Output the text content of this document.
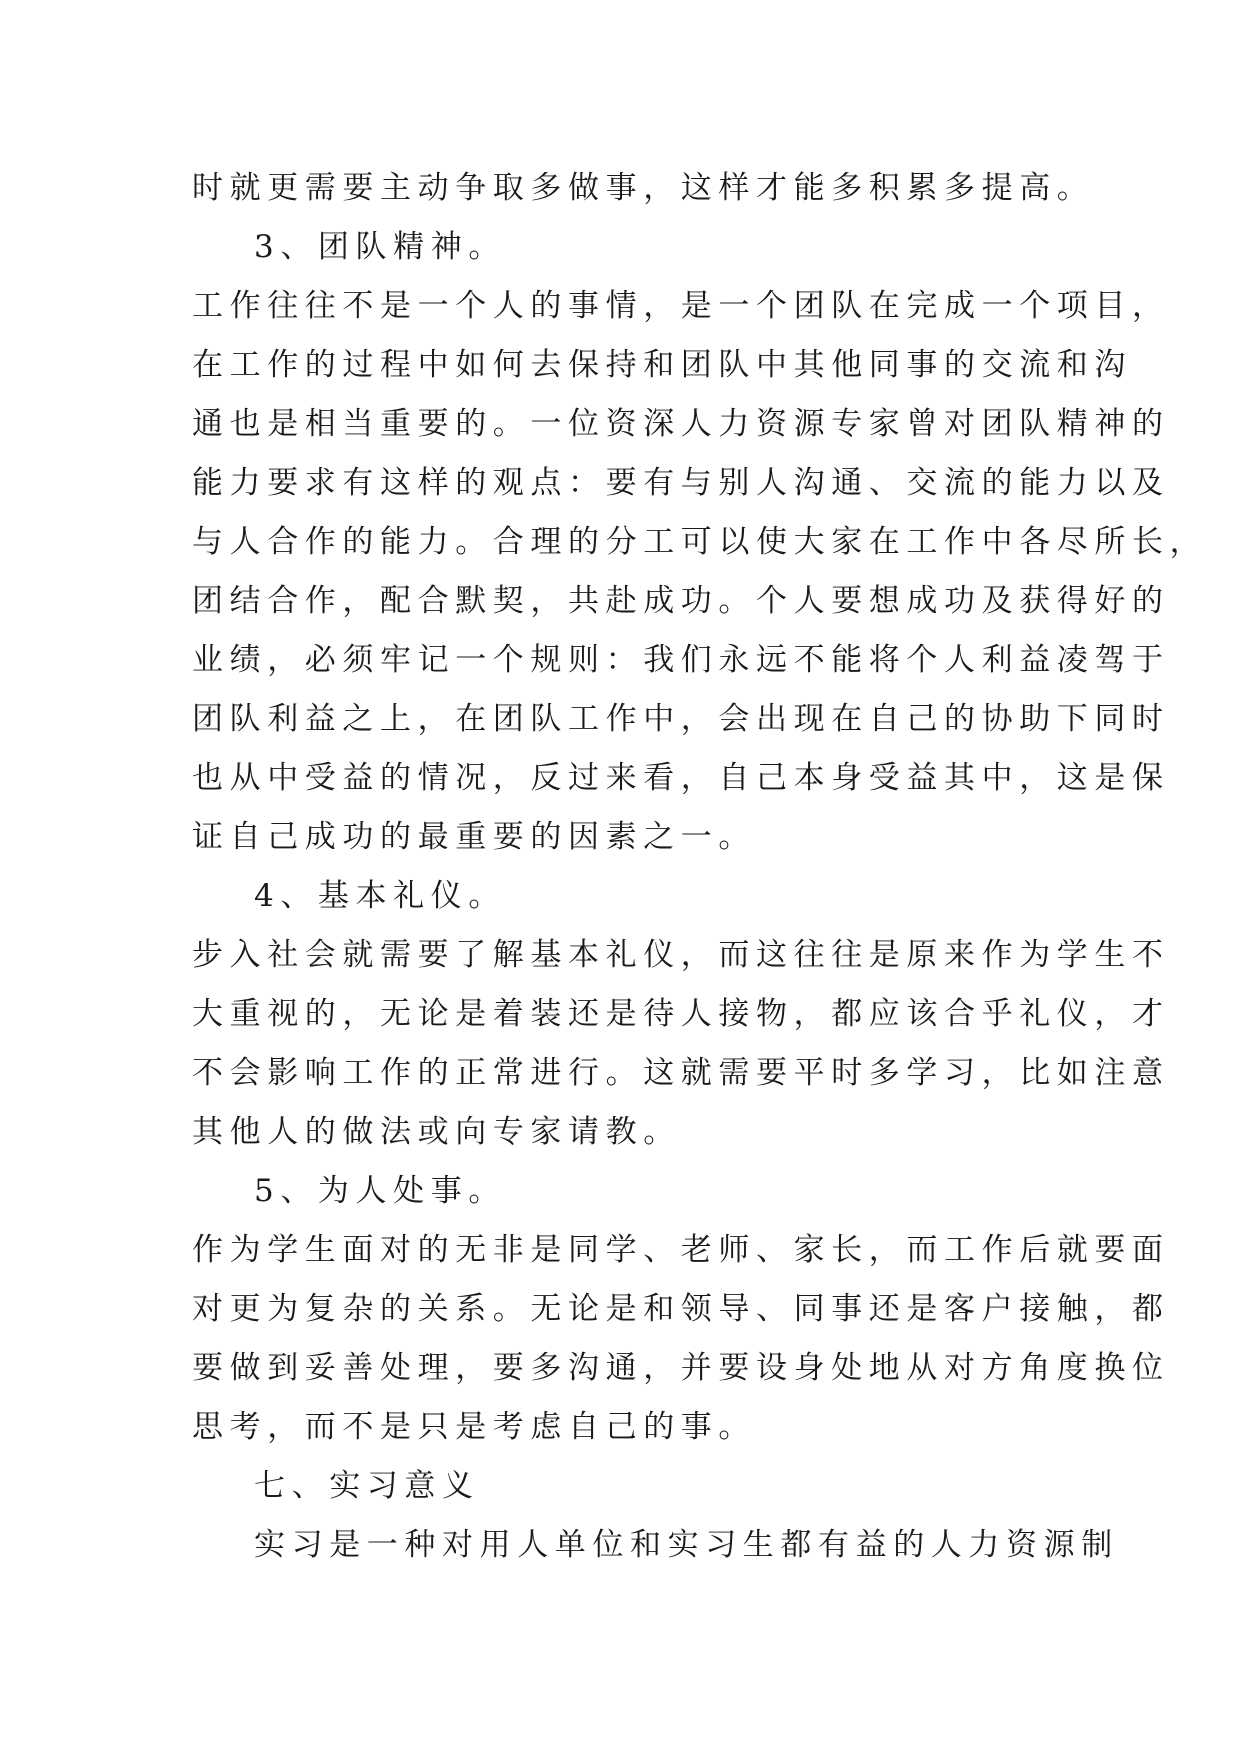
时就更需要主动争取多做事，这样才能多积累多提高。
3、团队精神。
工作往往不是一个人的事情，是一个团队在完成一个项目，
在工作的过程中如何去保持和团队中其他同事的交流和沟
通也是相当重要的。一位资深人力资源专家曾对团队精神的
能力要求有这样的观点：要有与别人沟通、交流的能力以及
与人合作的能力。合理的分工可以使大家在工作中各尽所长，
团结合作，配合默契，共赴成功。个人要想成功及获得好的
业绩，必须牢记一个规则：我们永远不能将个人利益凌驾于
团队利益之上，在团队工作中，会出现在自己的协助下同时
也从中受益的情况，反过来看，自己本身受益其中，这是保
证自己成功的最重要的因素之一。
4、基本礼仪。
步入社会就需要了解基本礼仪，而这往往是原来作为学生不
大重视的，无论是着装还是待人接物，都应该合乎礼仪，才
不会影响工作的正常进行。这就需要平时多学习，比如注意
其他人的做法或向专家请教。
5、为人处事。
作为学生面对的无非是同学、老师、家长，而工作后就要面
对更为复杂的关系。无论是和领导、同事还是客户接触，都
要做到妥善处理，要多沟通，并要设身处地从对方角度换位
思考，而不是只是考虑自己的事。
七、实习意义
实习是一种对用人单位和实习生都有益的人力资源制
